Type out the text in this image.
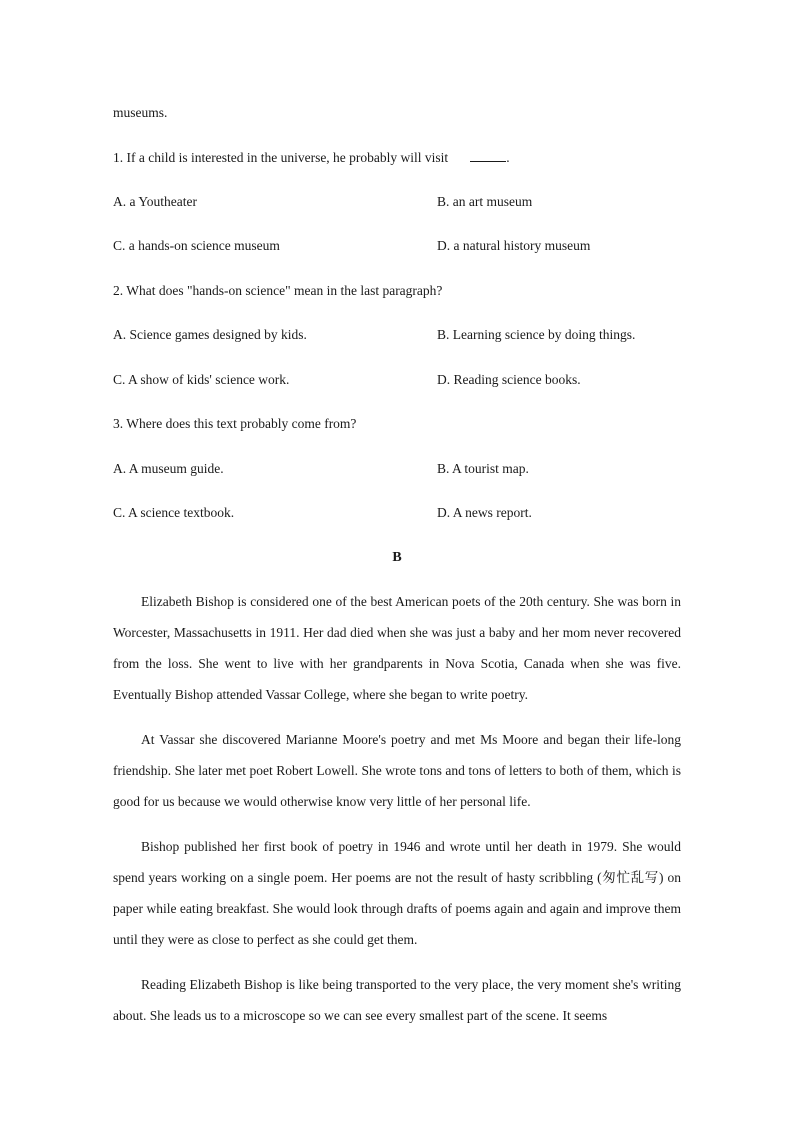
museums.
1. If a child is interested in the universe, he probably will visit	.
A. a Youtheater	B. an art museum
C. a hands-on science museum	D. a natural history museum
2. What does "hands-on science" mean in the last paragraph?
A. Science games designed by kids.	B. Learning science by doing things.
C. A show of kids' science work.	D. Reading science books.
3. Where does this text probably come from?
A. A museum guide.	B. A tourist map.
C. A science textbook.	D. A news report.
B

Elizabeth Bishop is considered one of the best American poets of the 20th century. She was born in Worcester, Massachusetts in 1911. Her dad died when she was just a baby and her mom never recovered from the loss. She went to live with her grandparents in Nova Scotia, Canada when she was five. Eventually Bishop attended Vassar College, where she began to write poetry.

At Vassar she discovered Marianne Moore's poetry and met Ms Moore and began their life-long friendship. She later met poet Robert Lowell. She wrote tons and tons of letters to both of them, which is good for us because we would otherwise know very little of her personal life.

Bishop published her first book of poetry in 1946 and wrote until her death in 1979. She would spend years working on a single poem. Her poems are not the result of hasty scribbling (匆忙乱写) on paper while eating breakfast. She would look through drafts of poems again and again and improve them until they were as close to perfect as she could get them.

Reading Elizabeth Bishop is like being transported to the very place, the very moment she's writing about. She leads us to a microscope so we can see every smallest part of the scene. It seems
